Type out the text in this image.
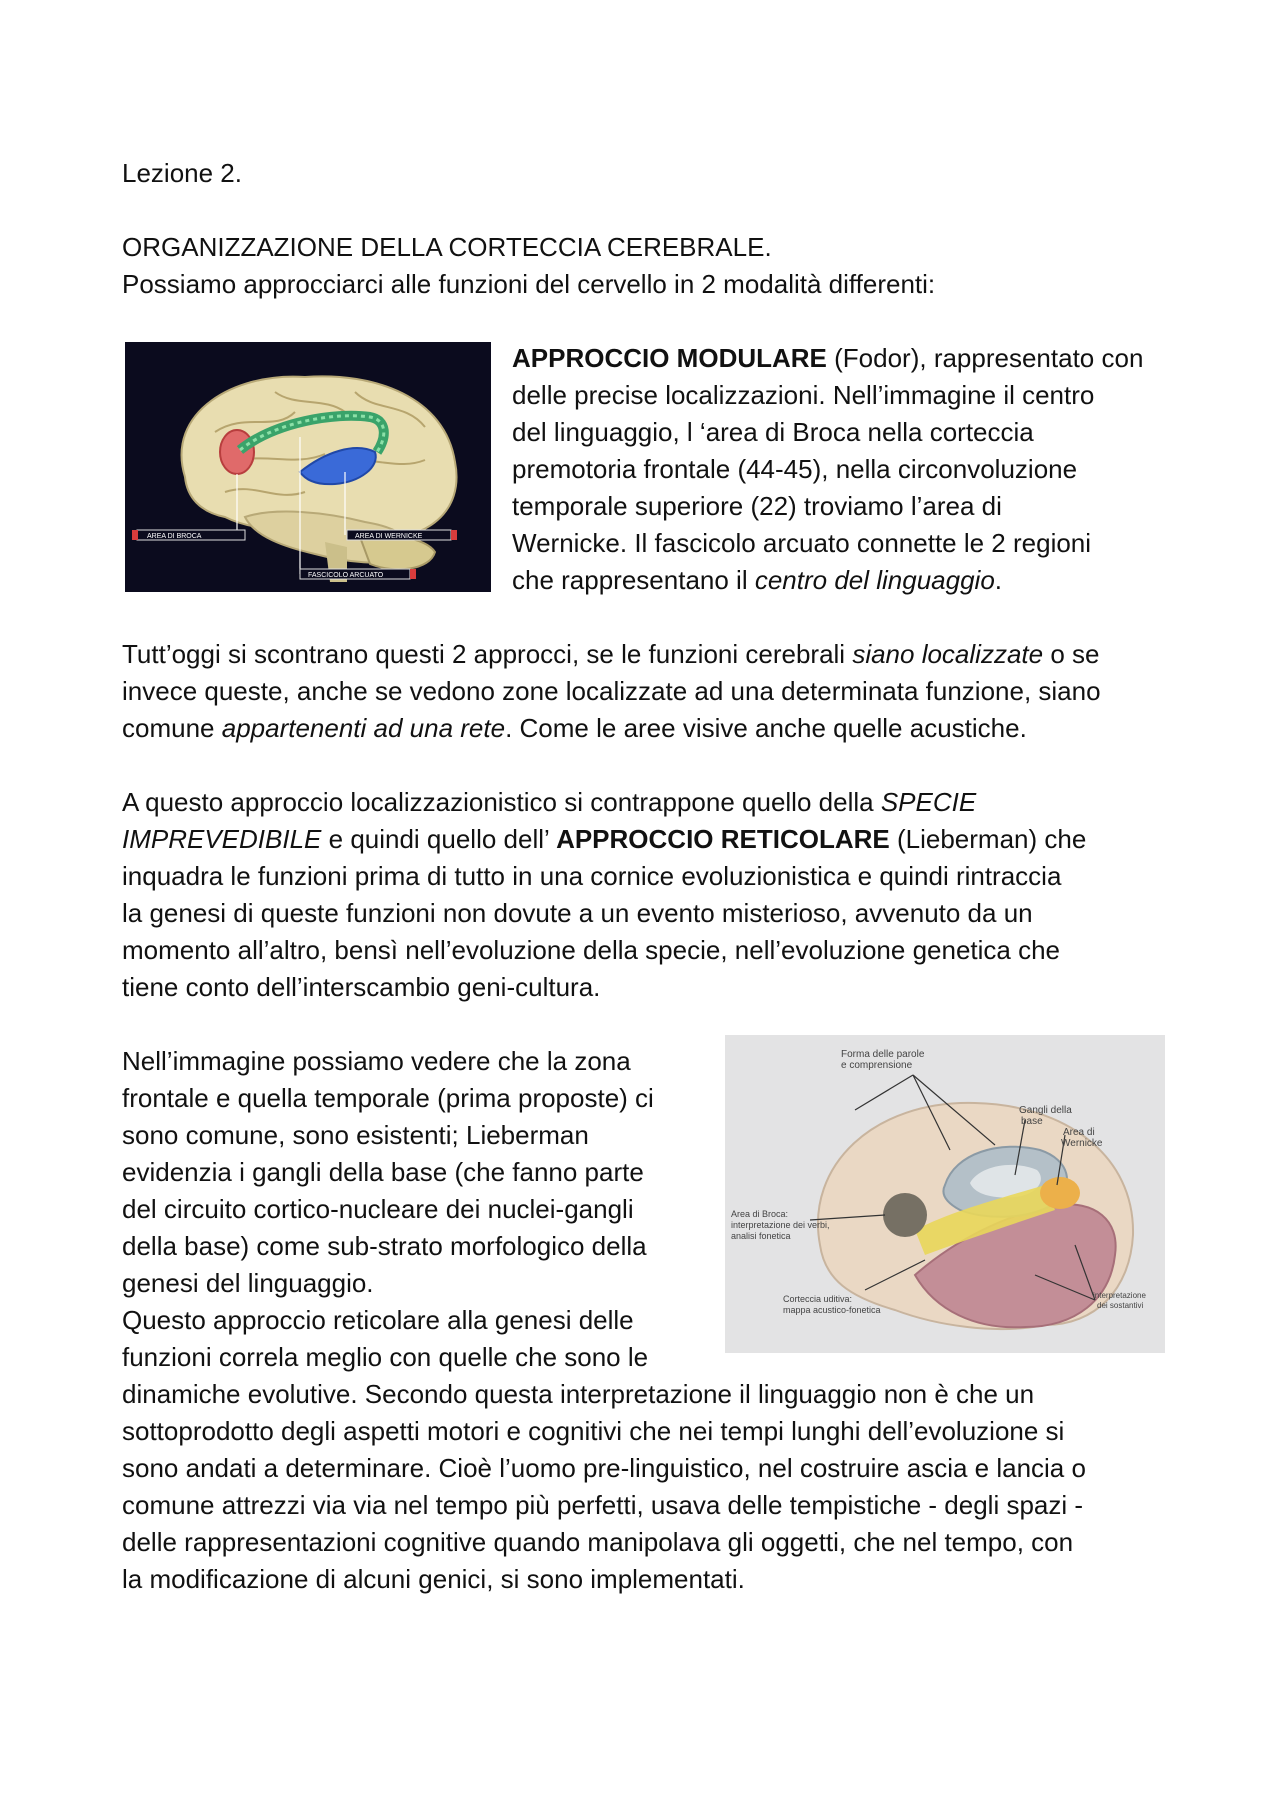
Lezione 2.

ORGANIZZAZIONE DELLA CORTECCIA CEREBRALE.

Possiamo approcciarci alle funzioni del cervello in 2 modalità differenti:

AREA DI BROCA	AREA DI WERNICKE
FASCICOLO ARCUATO

APPROCCIO MODULARE (Fodor), rappresentato con

delle precise localizzazioni. Nell’immagine il centro

del linguaggio, l ‘area di Broca nella corteccia

premotoria frontale (44-45), nella circonvoluzione

temporale superiore (22) troviamo l’area di

Wernicke. Il fascicolo arcuato connette le 2 regioni

che rappresentano il centro del linguaggio.

Tutt’oggi si scontrano questi 2 approcci, se le funzioni cerebrali siano localizzate o se

invece queste, anche se vedono zone localizzate ad una determinata funzione, siano

comune appartenenti ad una rete. Come le aree visive anche quelle acustiche.

A questo approccio localizzazionistico si contrappone quello della SPECIE

IMPREVEDIBILE e quindi quello dell’ APPROCCIO RETICOLARE (Lieberman) che

inquadra le funzioni prima di tutto in una cornice evoluzionistica e quindi rintraccia

la genesi di queste funzioni non dovute a un evento misterioso, avvenuto da un

momento all’altro, bensì nell’evoluzione della specie, nell’evoluzione genetica che

tiene conto dell’interscambio geni-cultura.

Nell’immagine possiamo vedere che la zona

frontale e quella temporale (prima proposte) ci

sono comune, sono esistenti; Lieberman

evidenzia i gangli della base (che fanno parte

del circuito cortico-nucleare dei nuclei-gangli

della base) come sub-strato morfologico della

genesi del linguaggio.

Questo approccio reticolare alla genesi delle

funzioni correla meglio con quelle che sono le

dinamiche evolutive. Secondo questa interpretazione il linguaggio non è che un

sottoprodotto degli aspetti motori e cognitivi che nei tempi lunghi dell’evoluzione si

sono andati a determinare. Cioè l’uomo pre-linguistico, nel costruire ascia e lancia o

comune attrezzi via via nel tempo più perfetti, usava delle tempistiche - degli spazi -

delle rappresentazioni cognitive quando manipolava gli oggetti, che nel tempo, con

la modificazione di alcuni genici, si sono implementati.

Forma delle parole
e comprensione
Gangli della
base
Area di
Wernicke
Area di Broca:
interpretazione dei verbi,
analisi fonetica
Corteccia uditiva:
mappa acustico-fonetica
interpretazione
dei sostantivi
